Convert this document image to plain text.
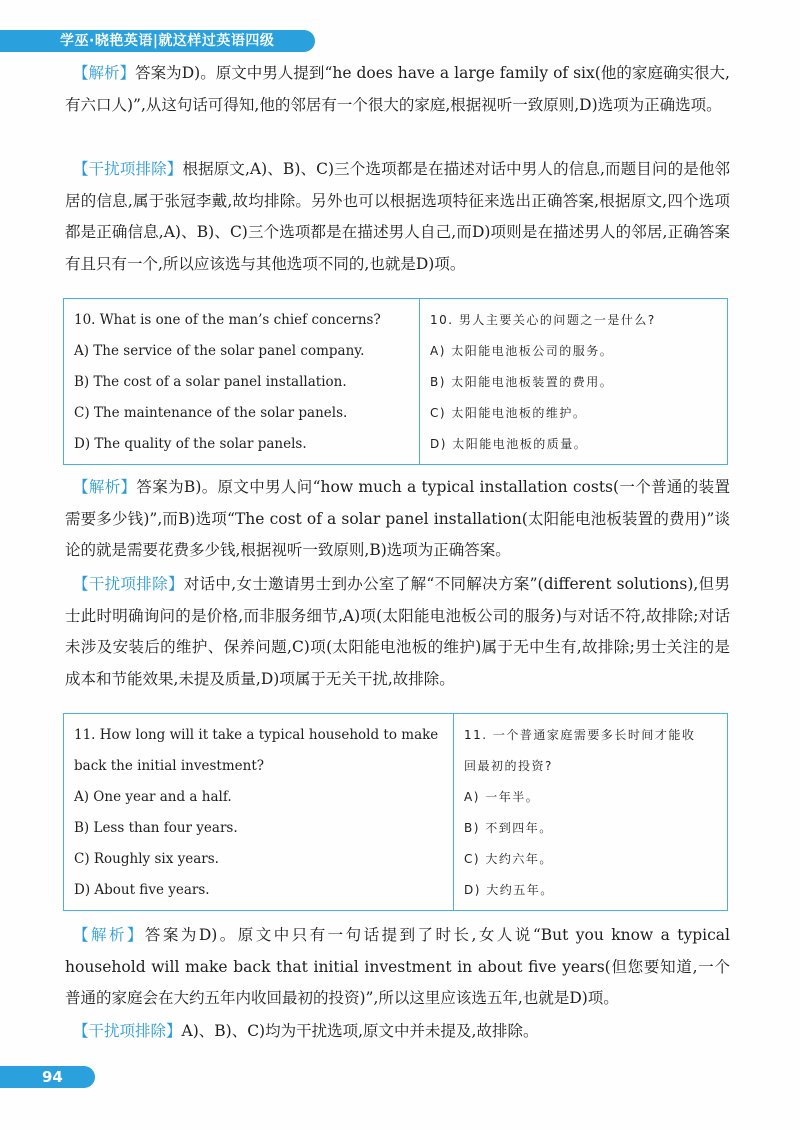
学巫·晓艳英语|就这样过英语四级
【解析】答案为D)。原文中男人提到“he does have a large family of six(他的家庭确实很大,有六口人)”,从这句话可得知,他的邻居有一个很大的家庭,根据视听一致原则,D)选项为正确选项。
【干扰项排除】根据原文,A)、B)、C)三个选项都是在描述对话中男人的信息,而题目问的是他邻居的信息,属于张冠李戴,故均排除。另外也可以根据选项特征来选出正确答案,根据原文,四个选项都是正确信息,A)、B)、C)三个选项都是在描述男人自己,而D)项则是在描述男人的邻居,正确答案有且只有一个,所以应该选与其他选项不同的,也就是D)项。
10. What is one of the man’s chief concerns?
A) The service of the solar panel company.
B) The cost of a solar panel installation.
C) The maintenance of the solar panels.
D) The quality of the solar panels.
10. 男人主要关心的问题之一是什么?
A) 太阳能电池板公司的服务。
B) 太阳能电池板装置的费用。
C) 太阳能电池板的维护。
D) 太阳能电池板的质量。
【解析】答案为B)。原文中男人问“how much a typical installation costs(一个普通的装置需要多少钱)”,而B)选项“The cost of a solar panel installation(太阳能电池板装置的费用)”谈论的就是需要花费多少钱,根据视听一致原则,B)选项为正确答案。
【干扰项排除】对话中,女士邀请男士到办公室了解“不同解决方案”(different solutions),但男士此时明确询问的是价格,而非服务细节,A)项(太阳能电池板公司的服务)与对话不符,故排除;对话未涉及安装后的维护、保养问题,C)项(太阳能电池板的维护)属于无中生有,故排除;男士关注的是成本和节能效果,未提及质量,D)项属于无关干扰,故排除。
11. How long will it take a typical household to make
back the initial investment?
A) One year and a half.
B) Less than four years.
C) Roughly six years.
D) About five years.
11. 一个普通家庭需要多长时间才能收
回最初的投资?
A) 一年半。
B) 不到四年。
C) 大约六年。
D) 大约五年。
【解析】答案为D)。原文中只有一句话提到了时长,女人说“But you know a typical household will make back that initial investment in about five years(但您要知道,一个普通的家庭会在大约五年内收回最初的投资)”,所以这里应该选五年,也就是D)项。
【干扰项排除】A)、B)、C)均为干扰选项,原文中并未提及,故排除。
94
